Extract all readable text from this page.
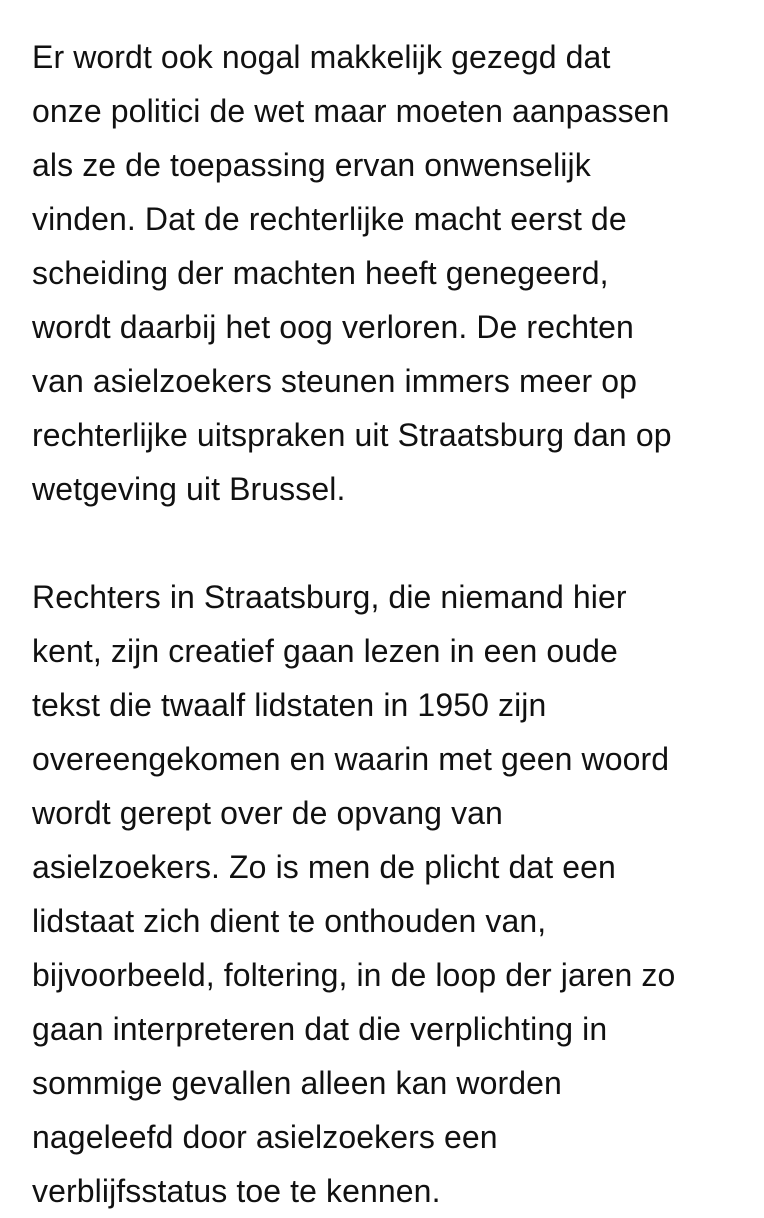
Er wordt ook nogal makkelijk gezegd dat
onze politici de wet maar moeten aanpassen
als ze de toepassing ervan onwenselijk
vinden. Dat de rechterlijke macht eerst de
scheiding der machten heeft genegeerd,
wordt daarbij het oog verloren. De rechten
van asielzoekers steunen immers meer op
rechterlijke uitspraken uit Straatsburg dan op
wetgeving uit Brussel.

Rechters in Straatsburg, die niemand hier
kent, zijn creatief gaan lezen in een oude
tekst die twaalf lidstaten in 1950 zijn
overeengekomen en waarin met geen woord
wordt gerept over de opvang van
asielzoekers. Zo is men de plicht dat een
lidstaat zich dient te onthouden van,
bijvoorbeeld, foltering, in de loop der jaren zo
gaan interpreteren dat die verplichting in
sommige gevallen alleen kan worden
nageleefd door asielzoekers een
verblijfsstatus toe te kennen.
